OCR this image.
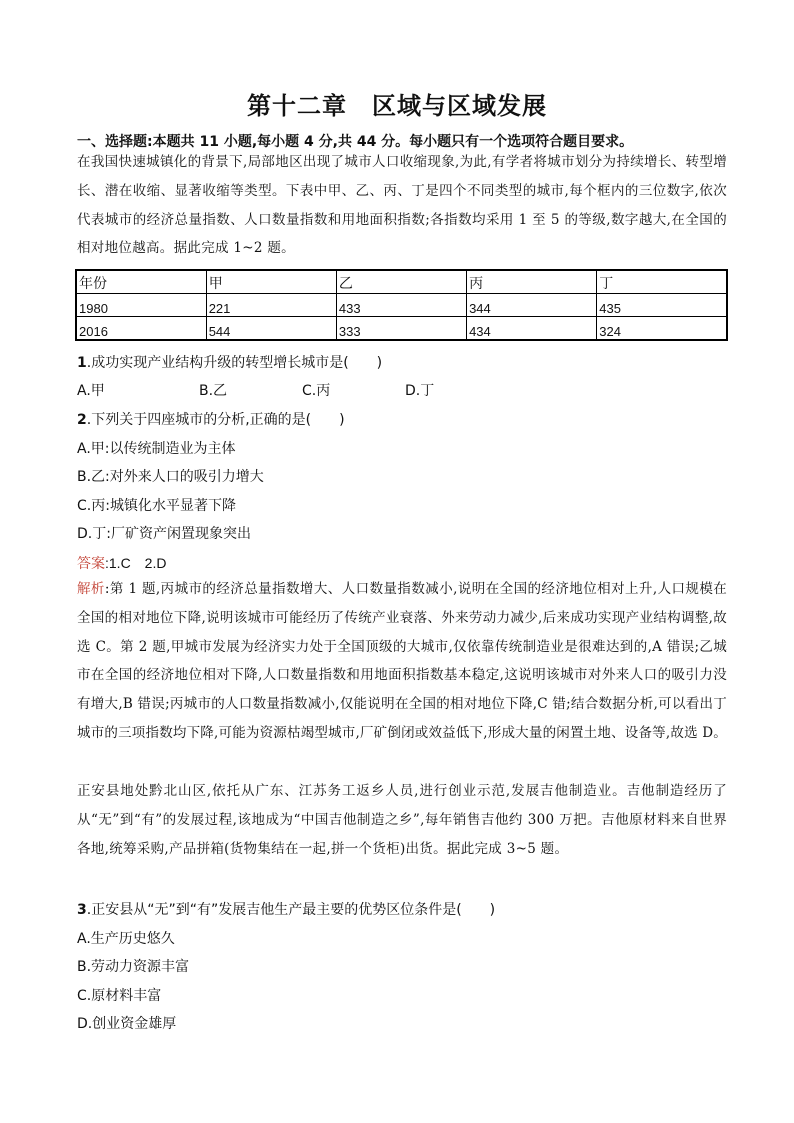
第十二章　区域与区域发展
一、选择题:本题共 11 小题,每小题 4 分,共 44 分。每小题只有一个选项符合题目要求。
在我国快速城镇化的背景下,局部地区出现了城市人口收缩现象,为此,有学者将城市划分为持续增长、转型增长、潜在收缩、显著收缩等类型。下表中甲、乙、丙、丁是四个不同类型的城市,每个框内的三位数字,依次代表城市的经济总量指数、人口数量指数和用地面积指数;各指数均采用 1 至 5 的等级,数字越大,在全国的相对地位越高。据此完成 1~2 题。
年份	甲	乙	丙	丁
1980	221	433	344	435
2016	544	333	434	324
1.成功实现产业结构升级的转型增长城市是(　　)
A.甲	B.乙	C.丙	D.丁
2.下列关于四座城市的分析,正确的是(　　)
A.甲:以传统制造业为主体
B.乙:对外来人口的吸引力增大
C.丙:城镇化水平显著下降
D.丁:厂矿资产闲置现象突出
答案:1.C　2.D
解析:第 1 题,丙城市的经济总量指数增大、人口数量指数减小,说明在全国的经济地位相对上升,人口规模在全国的相对地位下降,说明该城市可能经历了传统产业衰落、外来劳动力减少,后来成功实现产业结构调整,故选 C。第 2 题,甲城市发展为经济实力处于全国顶级的大城市,仅依靠传统制造业是很难达到的,A 错误;乙城市在全国的经济地位相对下降,人口数量指数和用地面积指数基本稳定,这说明该城市对外来人口的吸引力没有增大,B 错误;丙城市的人口数量指数减小,仅能说明在全国的相对地位下降,C 错;结合数据分析,可以看出丁城市的三项指数均下降,可能为资源枯竭型城市,厂矿倒闭或效益低下,形成大量的闲置土地、设备等,故选 D。
正安县地处黔北山区,依托从广东、江苏务工返乡人员,进行创业示范,发展吉他制造业。吉他制造经历了从“无”到“有”的发展过程,该地成为“中国吉他制造之乡”,每年销售吉他约 300 万把。吉他原材料来自世界各地,统筹采购,产品拼箱(货物集结在一起,拼一个货柜)出货。据此完成 3~5 题。
3.正安县从“无”到“有”发展吉他生产最主要的优势区位条件是(　　)
A.生产历史悠久
B.劳动力资源丰富
C.原材料丰富
D.创业资金雄厚
